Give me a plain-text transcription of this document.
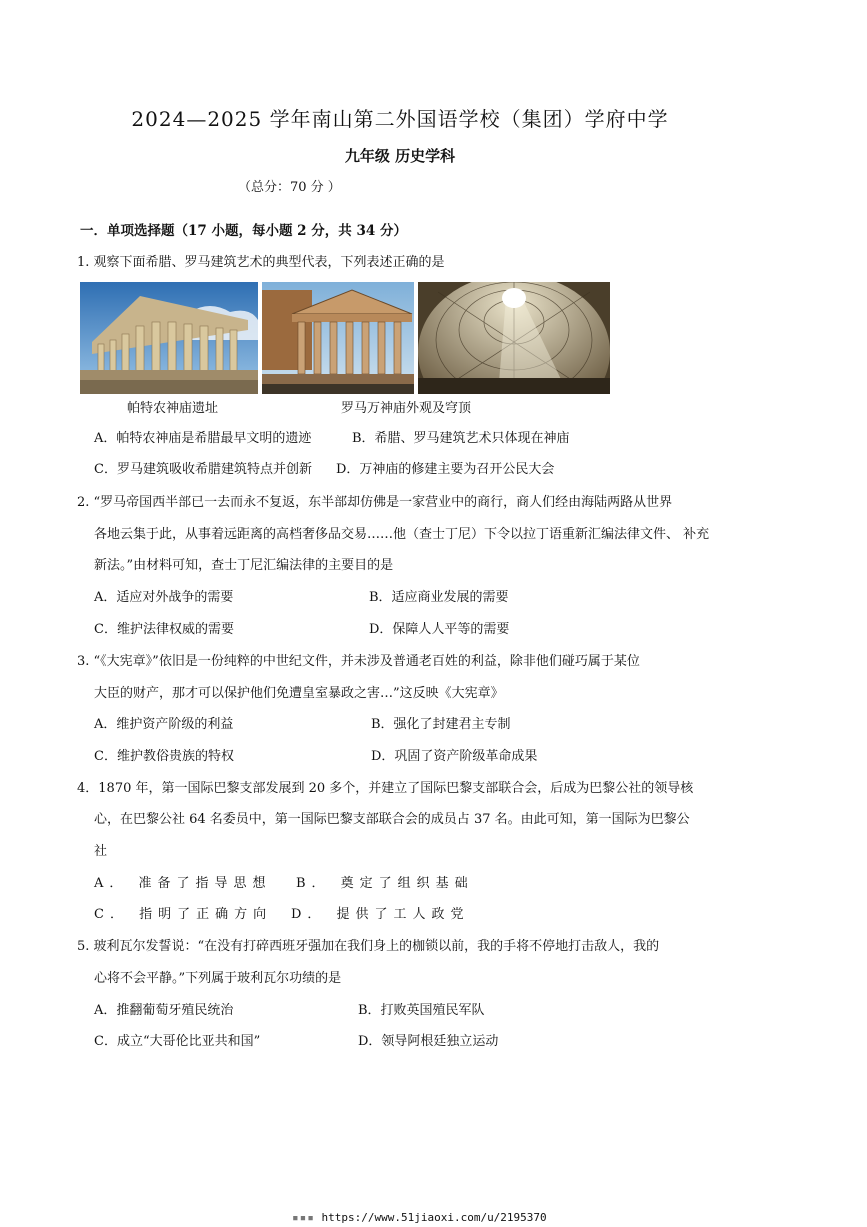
2024—2025 学年南山第二外国语学校（集团）学府中学
九年级 历史学科
（总分：70 分 ）
一．单项选择题（17 小题，每小题 2 分，共 34 分）
1. 观察下面希腊、罗马建筑艺术的典型代表，下列表述正确的是
帕特农神庙遗址	罗马万神庙外观及穹顶
A．帕特农神庙是希腊最早文明的遗迹	B．希腊、罗马建筑艺术只体现在神庙
C．罗马建筑吸收希腊建筑特点并创新 D．万神庙的修建主要为召开公民大会
2. “罗马帝国西半部已一去而永不复返，东半部却仿佛是一家营业中的商行，商人们经由海陆两路从世界
各地云集于此，从事着远距离的高档奢侈品交易……他（查士丁尼）下令以拉丁语重新汇编法律文件、 补充
新法。”由材料可知，查士丁尼汇编法律的主要目的是
A．适应对外战争的需要	B．适应商业发展的需要
C．维护法律权威的需要	D．保障人人平等的需要
3. “《大宪章》”依旧是一份纯粹的中世纪文件，并未涉及普通老百姓的利益，除非他们碰巧属于某位
大臣的财产，那才可以保护他们免遭皇室暴政之害…”这反映《大宪章》
A．维护资产阶级的利益	B．强化了封建君主专制
C．维护教俗贵族的特权	D．巩固了资产阶级革命成果
4．1870 年，第一国际巴黎支部发展到 20 多个，并建立了国际巴黎支部联合会，后成为巴黎公社的领导核
心，在巴黎公社 64 名委员中，第一国际巴黎支部联合会的成员占 37 名。由此可知，第一国际为巴黎公
社
A． 准备了指导思想 B． 奠定了组织基础
C． 指明了正确方向 D． 提供了工人政党
5. 玻利瓦尔发誓说：“在没有打碎西班牙强加在我们身上的枷锁以前，我的手将不停地打击敌人，我的
心将不会平静。”下列属于玻利瓦尔功绩的是
A．推翻葡萄牙殖民统治	B．打败英国殖民军队
C．成立“大哥伦比亚共和国”	D．领导阿根廷独立运动
▪▪▪ https://www.51jiaoxi.com/u/2195370
